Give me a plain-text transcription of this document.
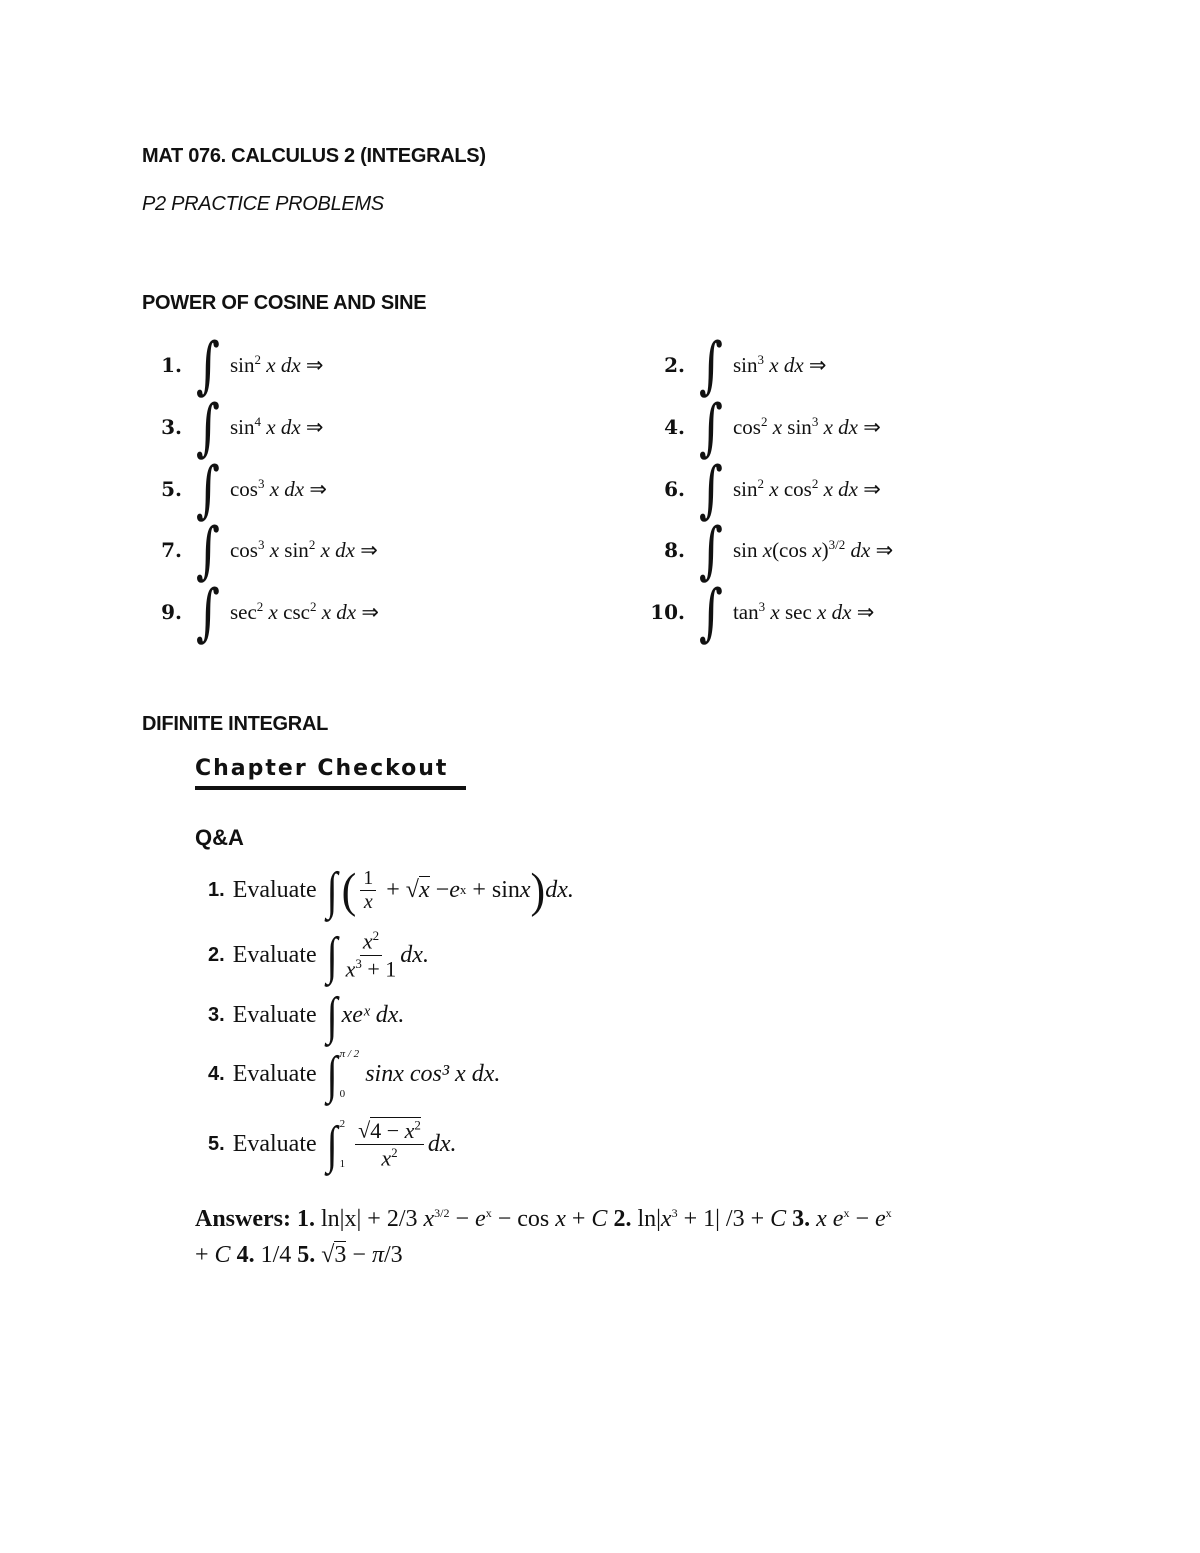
MAT 076. CALCULUS 2 (INTEGRALS)
P2 PRACTICE PROBLEMS
POWER OF COSINE AND SINE
1. ∫ $\sin^2 x$ dx ⇒	2. ∫ $\sin^3 x$ dx ⇒
3. ∫ $\sin^4 x$ dx ⇒	4. ∫ $\cos^2 x$ $\sin^3 x$ dx ⇒
5. ∫ $\cos^3 x$ dx ⇒	6. ∫ $\sin^2 x$ $\cos^2 x$ dx ⇒
7. ∫ $\cos^3 x$ $\sin^2 x$ dx ⇒	8. ∫ sin x(cos x)$^{3/2}$ dx ⇒
9. ∫ $\sec^2 x$ $\csc^2 x$ dx ⇒	10. ∫ $\tan^3 x$ sec x dx ⇒
DIFINITE INTEGRAL
Chapter Checkout
Q&A
1. Evaluate ∫ ( $\frac{1}{x}$ + √ x − e x + sin x ) dx.
2. Evaluate ∫ $\frac{x^2}{x^3 + 1}$ dx.
3. Evaluate ∫ xeˣ dx.
4. Evaluate ∫ π / 2
0
sinx cos³ x dx.
5. Evaluate ∫ 2
$1 \frac{√4 - x^2}{x^2}$ dx.
Answers: 1. ln|x| + 2/3 $x^{3/2} - e^x - \cos x + C$ 2. $\ln|x^3 + 1|$ /3 + C 3. x $e^x - e^x$
+ C 4. 1/4 5. √3 − π/3
